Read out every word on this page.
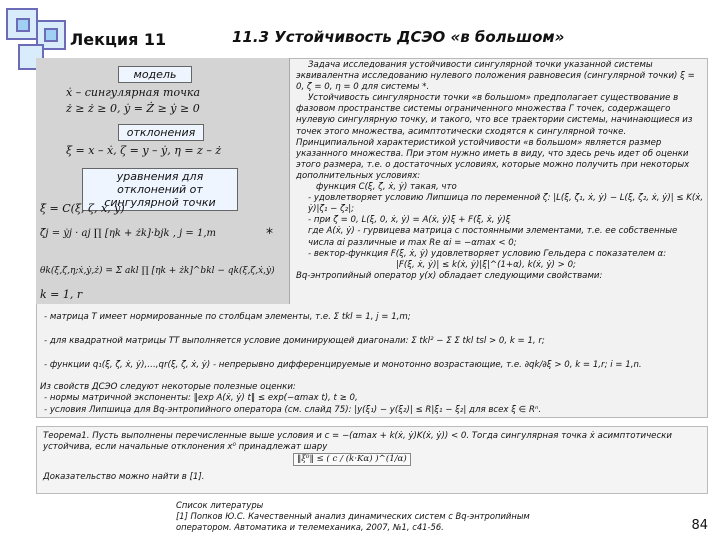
Лекция 11	11.3 Устойчивость ДСЭО «в большом»
модель
ẋ – сингулярная точка
ż ≥ ż ≥ 0, ẏ = Ż ≥ ẏ ≥ 0
отклонения
ξ = x – ẋ, ζ = y – ẏ, η = z – ż
уравнения для отклонений от сингулярной точки
ξ̇ = C(ξ, ζ, ẋ, ẏ)
ζ̇j = ẏj · aj ∏ [ηk + żk]·bjk , j = 1,m
θk(ξ,ζ,η;ẋ,ẏ,ż) = Σ akl ∏ [ηk + żk]^bkl − qk(ξ,ζ,ẋ,ẏ)
k = 1, r
*

Задача исследования устойчивости сингулярной точки указанной системы эквивалентна исследованию нулевого положения равновесия (сингулярной точки) ξ = 0, ζ = 0, η = 0 для системы *.

Устойчивость сингулярности точки «в большом» предполагает существование в фазовом пространстве системы ограниченного множества Г точек, содержащего нулевую сингулярную точку, и такого, что все траектории системы, начинающиеся из точек этого множества, асимптотически сходятся к сингулярной точке. Принципиальной характеристикой устойчивости «в большом» является размер указанного множества. При этом нужно иметь в виду, что здесь речь идет об оценки этого размера, т.е. о достаточных условиях, которые можно получить при некоторых дополнительных условиях:

функция C(ξ, ζ, ẋ, ẏ) такая, что

- удовлетворяет условию Липшица по переменной ζ: |L(ξ, ζ₁, ẋ, ẏ) − L(ξ, ζ₂, ẋ, ẏ)| ≤ K(ẋ, ẏ)|ζ₁ − ζ₂|;

- при ζ = 0, L(ξ, 0, ẋ, ẏ) = A(ẋ, ẏ)ξ + F(ξ, ẋ, ẏ)ξ

где A(ẋ, ẏ) - гурвицева матрица с постоянными элементами, т.е. ее собственные числа αi различные и max Re αi = −αmax < 0;

- вектор-функция F(ξ, ẋ, ẏ) удовлетворяет условию Гельдера с показателем α:

|F(ξ, ẋ, ẏ)| ≤ k(ẋ, ẏ)|ξ|^(1+α), k(ẋ, ẏ) > 0;

Вq-энтропийный оператор y(x) обладает следующими свойствами:

- матрица T имеет нормированные по столбцам элементы, т.е. Σ tkl = 1, j = 1,m;
- для квадратной матрицы TT выполняется условие доминирующей диагонали: Σ tkl² − Σ Σ tkl tsl > 0, k = 1, r;
- функции q₁(ξ, ζ, ẋ, ẏ),…,qr(ξ, ζ, ẋ, ẏ) - непрерывно дифференцируемые и монотонно возрастающие, т.е. ∂qk/∂ξ > 0, k = 1,r; i = 1,n.
Из свойств ДСЭО следуют некоторые полезные оценки:
- нормы матричной экспоненты: ‖exp A(ẋ, ẏ) t‖ ≤ exp(−αmax t), t ≥ 0,
- условия Липшица для Вq-энтропийного оператора (см. слайд 75): |y(ξ₁) − y(ξ₂)| ≤ R|ξ₁ − ξ₂| для всех ξ ∈ Rⁿ.
Теорема1. Пусть выполнены перечисленные выше условия и c = −(αmax + k(ẋ, ẏ)K(ẋ, ẏ)) < 0. Тогда сингулярная точка ẋ асимптотически
устойчива, если начальные отклонения x⁰ принадлежат шару
‖ξ⁰‖ ≤ ( c / (k·Kα) )^(1/α)
Доказательство можно найти в [1].
Список литературы
[1] Попков Ю.С. Качественный анализ динамических систем с Вq-энтропийным
оператором. Автоматика и телемеханика, 2007, №1, с41-56.	84
